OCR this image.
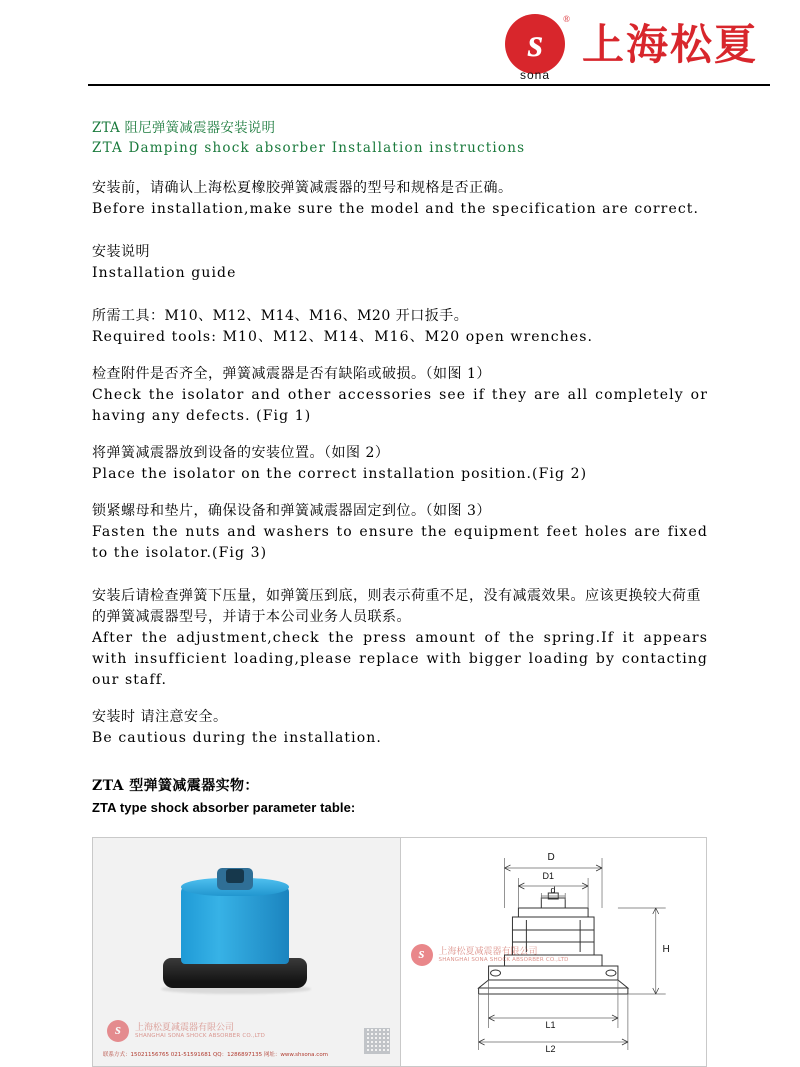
s
®
sona
上海松夏
ZTA 阻尼弹簧减震器安装说明
ZTA Damping shock absorber Installation instructions
安装前，请确认上海松夏橡胶弹簧减震器的型号和规格是否正确。
Before installation,make sure the model and the specification are correct.
安装说明
Installation guide
所需工具：M10、M12、M14、M16、M20 开口扳手。
Required tools: M10、M12、M14、M16、M20 open wrenches.
检查附件是否齐全，弹簧减震器是否有缺陷或破损。（如图 1）
Check the isolator and other accessories see if they are all completely or having any defects. (Fig 1)
将弹簧减震器放到设备的安装位置。（如图 2）
Place the isolator on the correct installation position.(Fig 2)
锁紧螺母和垫片，确保设备和弹簧减震器固定到位。（如图 3）
Fasten the nuts and washers to ensure the equipment feet holes are fixed to the isolator.(Fig 3)
安装后请检查弹簧下压量，如弹簧压到底，则表示荷重不足，没有减震效果。应该更换较大荷重的弹簧减震器型号，并请于本公司业务人员联系。
After the adjustment,check the press amount of the spring.If it appears with insufficient loading,please replace with bigger loading by contacting our staff.
安装时 请注意安全。
Be cautious during the installation.
ZTA 型弹簧减震器实物：
ZTA type shock absorber parameter table:
s	上海松夏减震器有限公司
SHANGHAI SONA SHOCK ABSORBER CO.,LTD
联系方式：15021156765 021-51591681 QQ：1286897135 网址：www.shsona.com
D
D1
d
H
L1
L2
s	上海松夏减震器有限公司
SHANGHAI SONA SHOCK ABSORBER CO.,LTD
